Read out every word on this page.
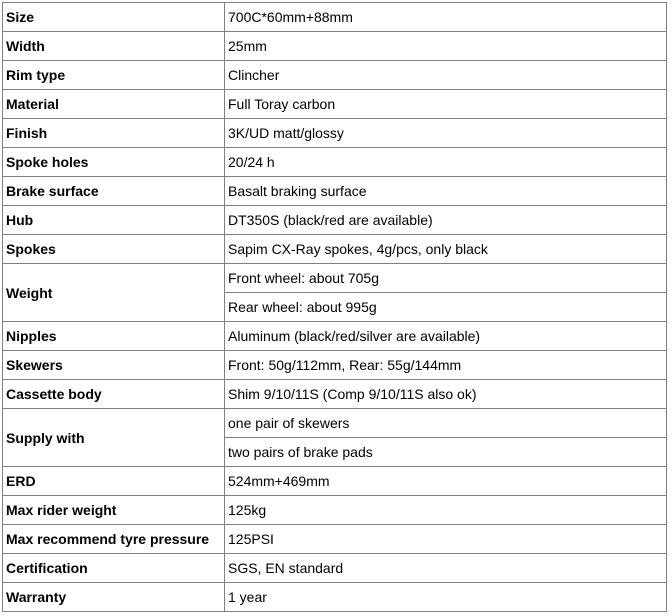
Size	700C*60mm+88mm
Width	25mm
Rim type	Clincher
Material	Full Toray carbon
Finish	3K/UD matt/glossy
Spoke holes	20/24 h
Brake surface	Basalt braking surface
Hub	DT350S (black/red are available)
Spokes	Sapim CX-Ray spokes, 4g/pcs, only black
Weight	Front wheel: about 705g
	Rear wheel: about 995g
Nipples	Aluminum (black/red/silver are available)
Skewers	Front: 50g/112mm, Rear: 55g/144mm
Cassette body	Shim 9/10/11S (Comp 9/10/11S also ok)
Supply with	one pair of skewers
	two pairs of brake pads
ERD	524mm+469mm
Max rider weight	125kg
Max recommend tyre pressure	125PSI
Certification	SGS, EN standard
Warranty	1 year
